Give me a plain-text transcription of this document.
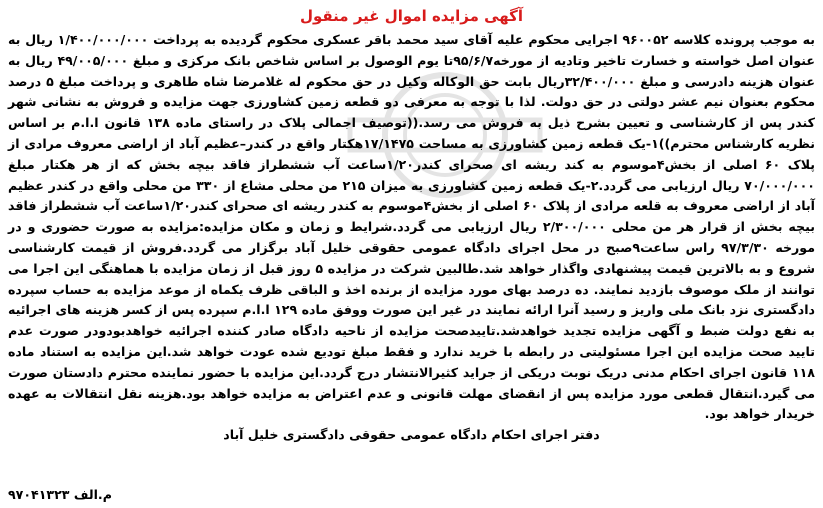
آگهی مزایده اموال غیر منقول

به موجب پرونده کلاسه ۹۶۰۰۵۲ اجرایی محکوم علیه آقای سید محمد باقر عسکری محکوم گردیده به پرداخت ۱/۴۰۰/۰۰۰/۰۰۰ ریال به عنوان اصل خواسته و خسارت تاخیر وتادیه از مورخه۹۵/۶/۷تا یوم الوصول بر اساس شاخص بانک مرکزی و مبلغ ۴۹/۰۰۵/۰۰۰ ریال به عنوان هزینه دادرسی و مبلغ ۳۲/۴۰۰/۰۰۰ریال بابت حق الوکاله وکیل در حق محکوم له غلامرضا شاه طاهری و پرداخت مبلغ ۵ درصد محکوم بعنوان نیم عشر دولتی در حق دولت. لذا با توجه به معرفی دو قطعه زمین کشاورزی جهت مزایده و فروش به نشانی شهر کندر پس از کارشناسی و تعیین بشرح ذیل به فروش می رسد.((توصیف اجمالی پلاک در راستای ماده ۱۳۸ قانون ا.ا.م بر اساس نظریه کارشناس محترم))۱-یک قطعه زمین کشاورزی به مساحت ۱۷/۱۴۷۵هکتار واقع در کندر–عظیم آباد از اراضی معروف مرادی از پلاک ۶۰ اصلی از بخش۴موسوم به کند ریشه ای صحرای کندر۱/۲۰ساعت آب ششطراز فاقد بیچه بخش که از هر هکتار مبلغ ۷۰/۰۰۰/۰۰۰ ریال ارزیابی می گردد.۲-یک قطعه زمین کشاورزی به میزان ۲۱۵ من محلی مشاع از ۳۳۰ من محلی واقع در کندر عظیم آباد از اراضی معروف به قلعه مرادی از پلاک ۶۰ اصلی از بخش۴موسوم به کندر ریشه ای صحرای کندر۱/۲۰ساعت آب ششطراز فاقد بیچه بخش از قرار هر من محلی ۲/۳۰۰/۰۰۰ ریال ارزیابی می گردد.شرایط و زمان و مکان مزایده:مزایده به صورت حضوری و در مورخه ۹۷/۳/۳۰ راس ساعت۹صبح در محل اجرای دادگاه عمومی حقوقی خلیل آباد برگزار می گردد.فروش از قیمت کارشناسی شروع و به بالاترین قیمت پیشنهادی واگذار خواهد شد.طالبین شرکت در مزایده ۵ روز قبل از زمان مزایده با هماهنگی این اجرا می توانند از ملک موصوف بازدید نمایند. ده درصد بهای مورد مزایده از برنده اخذ و الباقی ظرف یکماه از موعد مزایده به حساب سپرده دادگستری نزد بانک ملی واریز و رسید آنرا ارائه نمایند در غیر این صورت ووفق ماده ۱۲۹ ا.ا.م سپرده پس از کسر هزینه های اجرائیه به نفع دولت ضبط و آگهی مزایده تجدید خواهدشد.تاییدصحت مزایده از ناحیه دادگاه صادر کننده اجرائیه خواهدبودودر صورت عدم تایید صحت مزایده این اجرا مسئولیتی در رابطه با خرید ندارد و فقط مبلغ تودیع شده عودت خواهد شد.این مزایده به استناد ماده ۱۱۸ قانون اجرای احکام مدنی دریک نوبت دریکی از جراید کثیرالانتشار درج گردد.این مزایده با حضور نماینده محترم دادستان صورت می گیرد.انتقال قطعی مورد مزایده پس از انقضای مهلت قانونی و عدم اعتراض به مزایده خواهد بود.هزینه نقل انتقالات به عهده خریدار خواهد بود.

دفتر اجرای احکام دادگاه عمومی حقوقی دادگستری خلیل آباد
م.الف ۹۷۰۴۱۳۲۳
